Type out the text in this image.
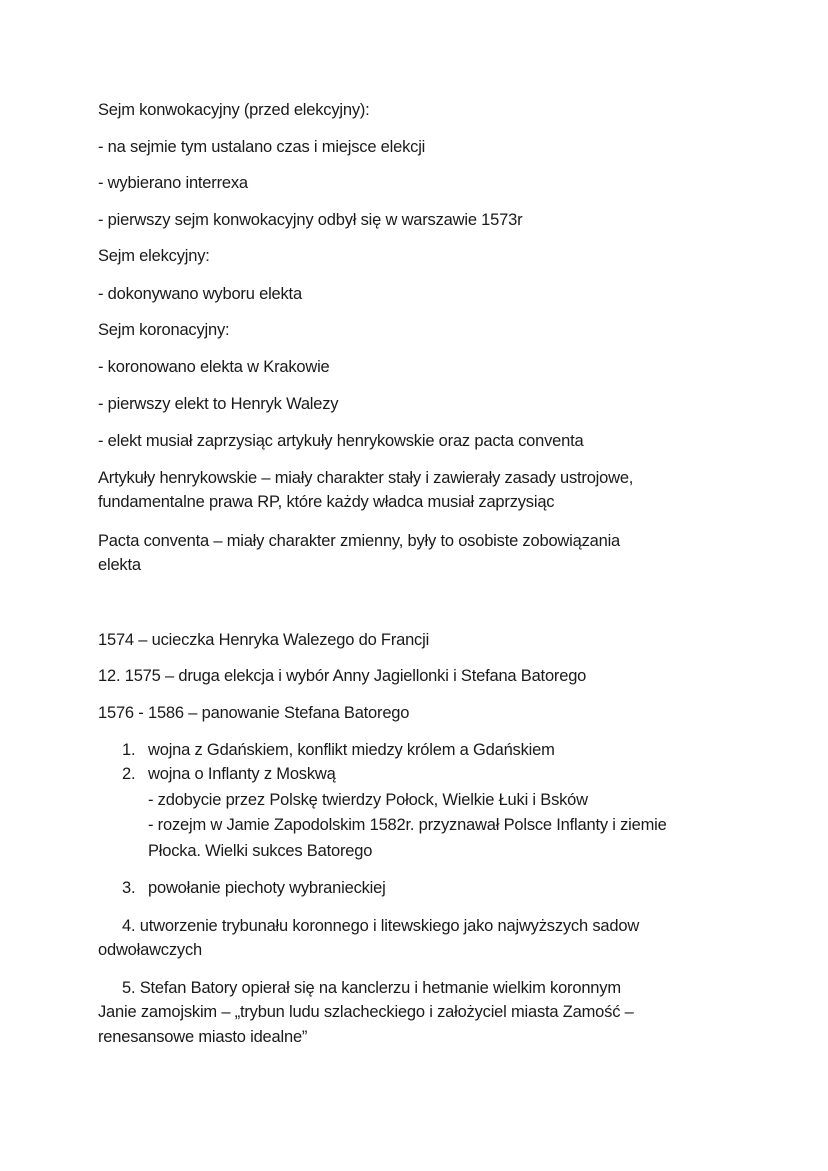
Sejm konwokacyjny (przed elekcyjny):
- na sejmie tym ustalano czas i miejsce elekcji
- wybierano interrexa
- pierwszy sejm konwokacyjny odbył się w warszawie 1573r
Sejm elekcyjny:
- dokonywano wyboru elekta
Sejm koronacyjny:
- koronowano elekta w Krakowie
- pierwszy elekt to Henryk Walezy
- elekt musiał zaprzysiąc artykuły henrykowskie oraz pacta conventa
Artykuły henrykowskie – miały charakter stały i zawierały zasady ustrojowe,
fundamentalne prawa RP, które każdy władca musiał zaprzysiąc
Pacta conventa – miały charakter zmienny, były to osobiste zobowiązania
elekta
1574 – ucieczka Henryka Walezego do Francji
12. 1575 – druga elekcja i wybór Anny Jagiellonki i Stefana Batorego
1576 - 1586 – panowanie Stefana Batorego
1. wojna z Gdańskiem, konflikt miedzy królem a Gdańskiem
2. wojna o Inflanty z Moskwą
- zdobycie przez Polskę twierdzy Połock, Wielkie Łuki i Bsków
- rozejm w Jamie Zapodolskim 1582r. przyznawał Polsce Inflanty i ziemie
Płocka. Wielki sukces Batorego
3. powołanie piechoty wybranieckiej
4. utworzenie trybunału koronnego i litewskiego jako najwyższych sadow
odwoławczych
5. Stefan Batory opierał się na kanclerzu i hetmanie wielkim koronnym
Janie zamojskim – „trybun ludu szlacheckiego i założyciel miasta Zamość –
renesansowe miasto idealne”
